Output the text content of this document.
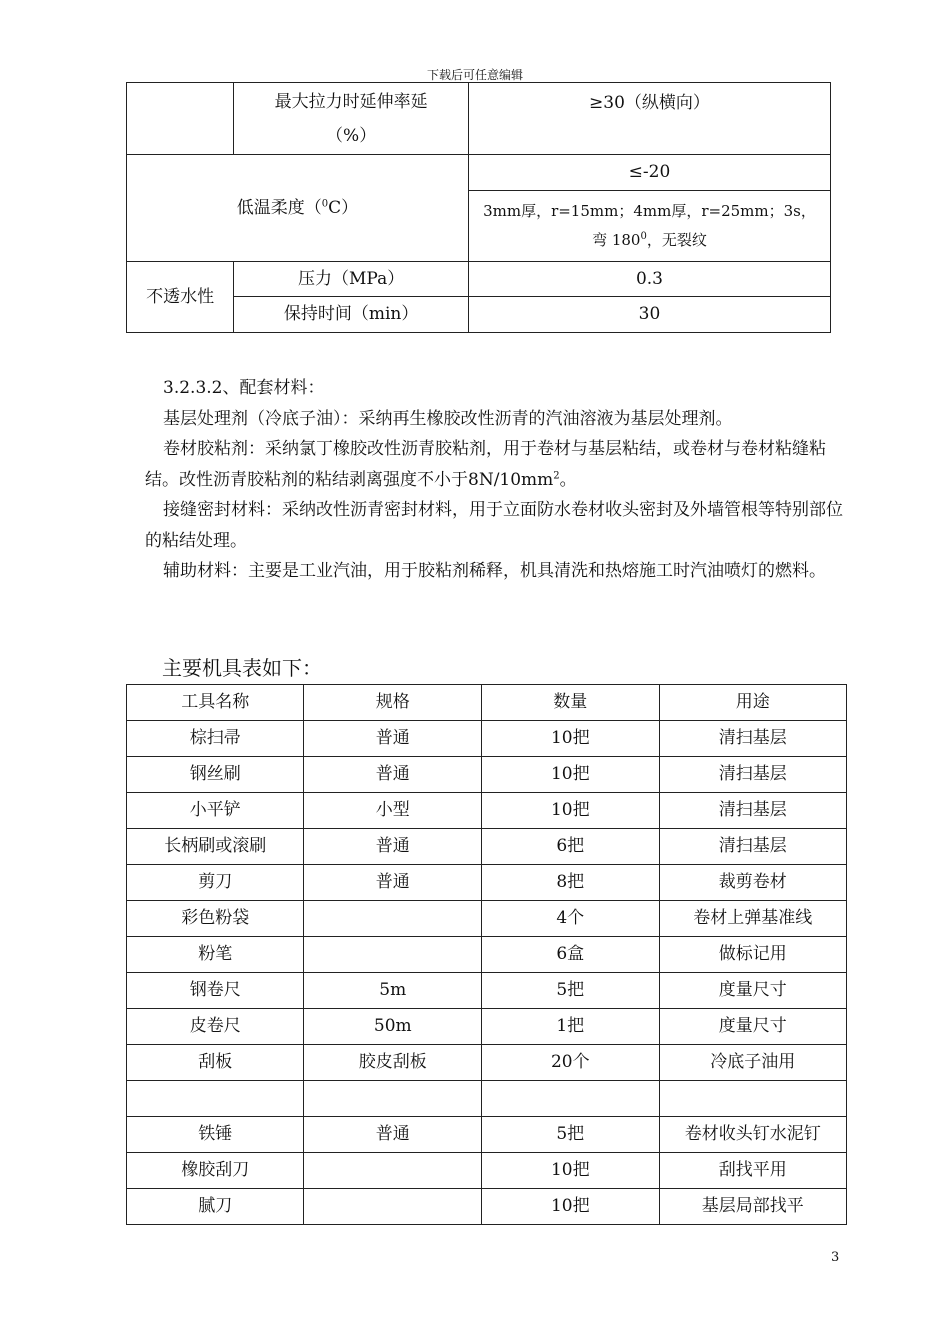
下载后可任意编辑
	最大拉力时延伸率延
（%）	≥30（纵横向）
低温柔度（$^0$C）		≤-20
		3mm厚，r=15mm；4mm厚，r=25mm；3s，
弯 $180^0$，无裂纹
不透水性	压力（MPa）	0.3
	保持时间（min）	30

3.2.3.2、配套材料：

基层处理剂（冷底子油）：采纳再生橡胶改性沥青的汽油溶液为基层处理剂。

卷材胶粘剂：采纳氯丁橡胶改性沥青胶粘剂，用于卷材与基层粘结，或卷材与卷材粘缝粘结。改性沥青胶粘剂的粘结剥离强度不小于$8N/10mm^2$。

接缝密封材料：采纳改性沥青密封材料，用于立面防水卷材收头密封及外墙管根等特别部位的粘结处理。

辅助材料：主要是工业汽油，用于胶粘剂稀释，机具清洗和热熔施工时汽油喷灯的燃料。

主要机具表如下：
工具名称	规格	数量	用途
棕扫帚	普通	10把	清扫基层
钢丝刷	普通	10把	清扫基层
小平铲	小型	10把	清扫基层
长柄刷或滚刷	普通	6把	清扫基层
剪刀	普通	8把	裁剪卷材
彩色粉袋		4个	卷材上弹基准线
粉笔		6盒	做标记用
钢卷尺	5m	5把	度量尺寸
皮卷尺	50m	1把	度量尺寸
刮板	胶皮刮板	20个	冷底子油用

铁锤	普通	5把	卷材收头钉水泥钉
橡胶刮刀		10把	刮找平用
腻刀		10把	基层局部找平
3
